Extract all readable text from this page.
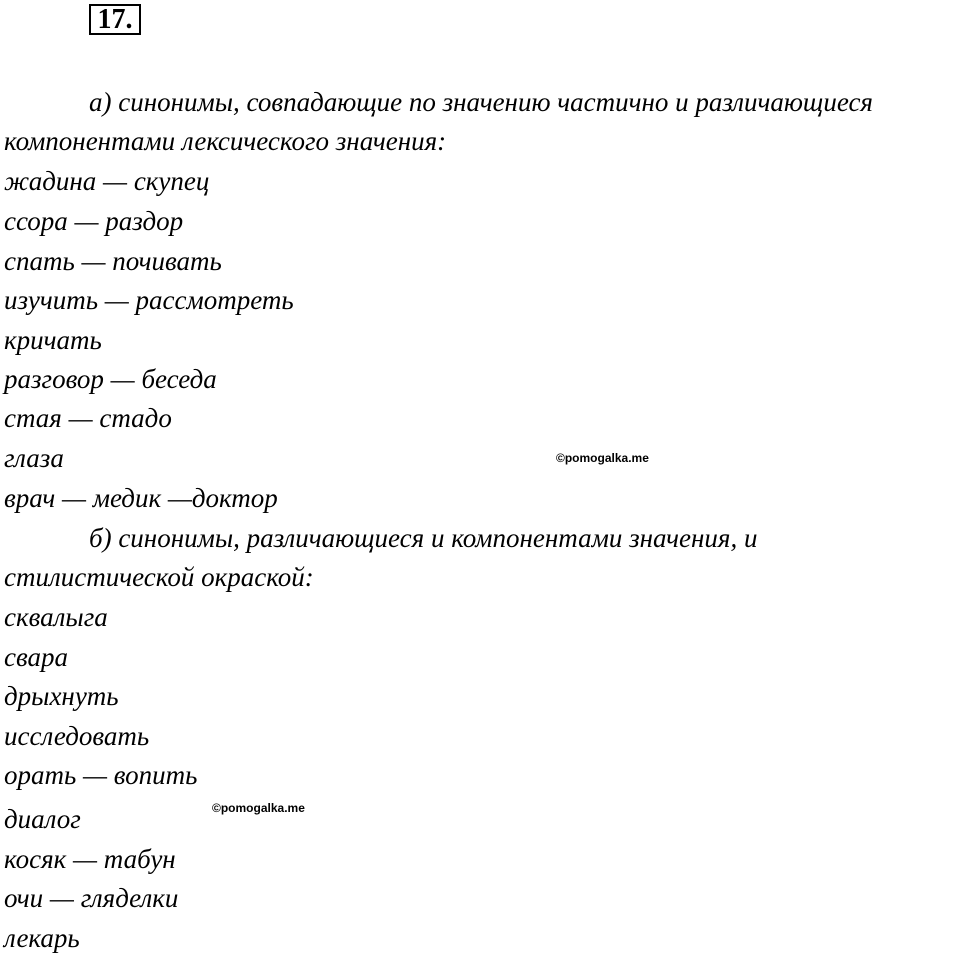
17.
а) синонимы, совпадающие по значению частично и различающиеся
компонентами лексического значения:
жадина — скупец
ссора — раздор
спать — почивать
изучить — рассмотреть
кричать
разговор — беседа
стая — стадо
глаза
врач — медик —доктор
©pomogalka.me
б) синонимы, различающиеся и компонентами значения, и
стилистической окраской:
сквалыга
свара
дрыхнуть
исследовать
орать — вопить
диалог
косяк — табун
очи — гляделки
лекарь
©pomogalka.me
